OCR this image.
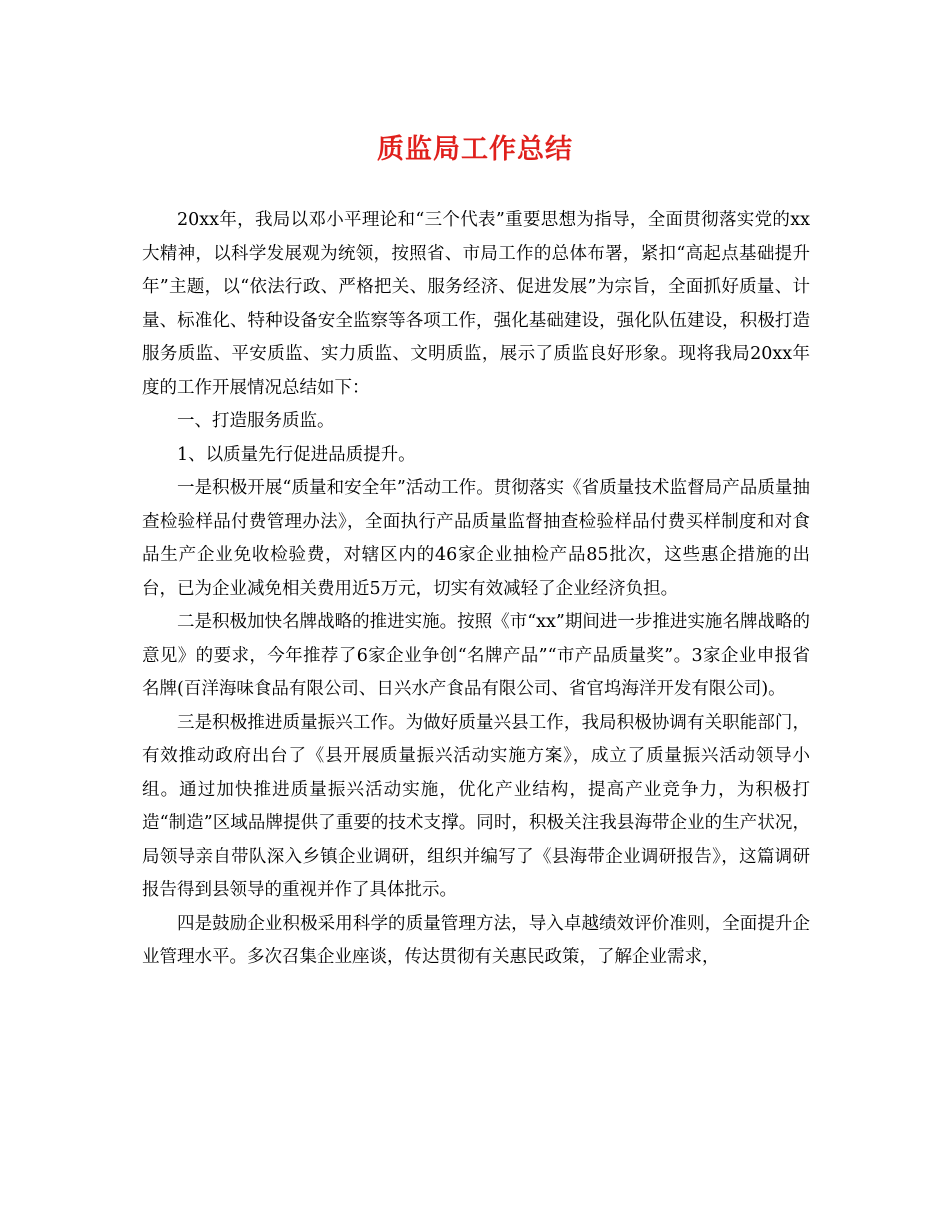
质监局工作总结

20xx年，我局以邓小平理论和“三个代表”重要思想为指导，全面贯彻落实党的xx大精神，以科学发展观为统领，按照省、市局工作的总体布署，紧扣“高起点基础提升年”主题，以“依法行政、严格把关、服务经济、促进发展”为宗旨，全面抓好质量、计量、标准化、特种设备安全监察等各项工作，强化基础建设，强化队伍建设，积极打造服务质监、平安质监、实力质监、文明质监，展示了质监良好形象。现将我局20xx年度的工作开展情况总结如下：

一、打造服务质监。

1、以质量先行促进品质提升。

一是积极开展“质量和安全年”活动工作。贯彻落实《省质量技术监督局产品质量抽查检验样品付费管理办法》，全面执行产品质量监督抽查检验样品付费买样制度和对食品生产企业免收检验费，对辖区内的46家企业抽检产品85批次，这些惠企措施的出台，已为企业减免相关费用近5万元，切实有效减轻了企业经济负担。

二是积极加快名牌战略的推进实施。按照《市“xx”期间进一步推进实施名牌战略的意见》的要求，今年推荐了6家企业争创“名牌产品”“市产品质量奖”。3家企业申报省名牌(百洋海味食品有限公司、日兴水产食品有限公司、省官坞海洋开发有限公司)。

三是积极推进质量振兴工作。为做好质量兴县工作，我局积极协调有关职能部门，有效推动政府出台了《县开展质量振兴活动实施方案》，成立了质量振兴活动领导小组。通过加快推进质量振兴活动实施，优化产业结构，提高产业竞争力，为积极打造“制造”区域品牌提供了重要的技术支撑。同时，积极关注我县海带企业的生产状况，局领导亲自带队深入乡镇企业调研，组织并编写了《县海带企业调研报告》，这篇调研报告得到县领导的重视并作了具体批示。

四是鼓励企业积极采用科学的质量管理方法，导入卓越绩效评价准则，全面提升企业管理水平。多次召集企业座谈，传达贯彻有关惠民政策，了解企业需求，
